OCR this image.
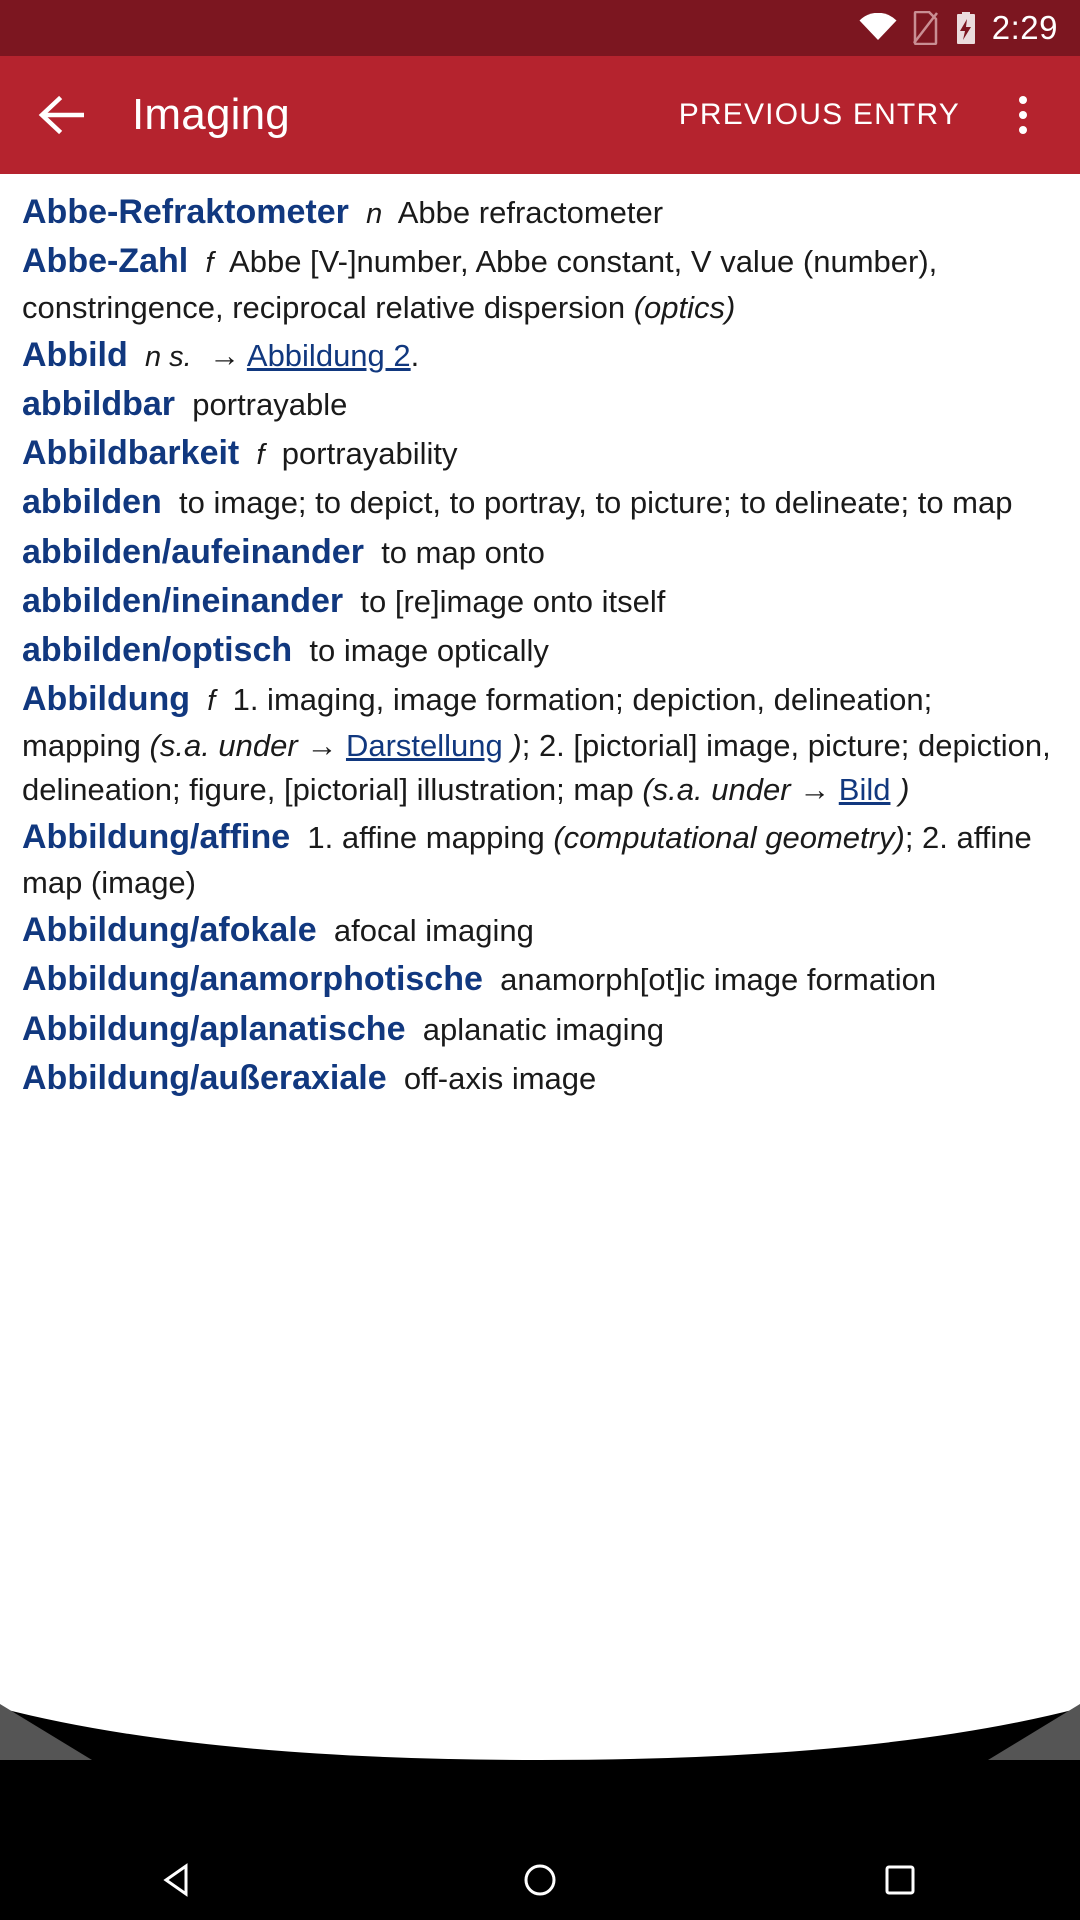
2:29
Imaging	PREVIOUS ENTRY

Abbe-Refraktometer n Abbe refractometer

Abbe-Zahl f Abbe [V-]number, Abbe constant, V value (number), constringence, reciprocal relative dispersion (optics)

Abbild n s. → Abbildung 2.

abbildbar portrayable

Abbildbarkeit f portrayability

abbilden to image; to depict, to portray, to picture; to delineate; to map

abbilden/aufeinander to map onto

abbilden/ineinander to [re]image onto itself

abbilden/optisch to image optically

Abbildung f 1. imaging, image formation; depiction, delineation; mapping (s.a. under → Darstellung ); 2. [pictorial] image, picture; depiction, delineation; figure, [pictorial] illustration; map (s.a. under → Bild )

Abbildung/affine 1. affine mapping (computational geometry); 2. affine map (image)

Abbildung/afokale afocal imaging

Abbildung/anamorphotische anamorph[ot]ic image formation

Abbildung/aplanatische aplanatic imaging

Abbildung/außeraxiale off-axis image
